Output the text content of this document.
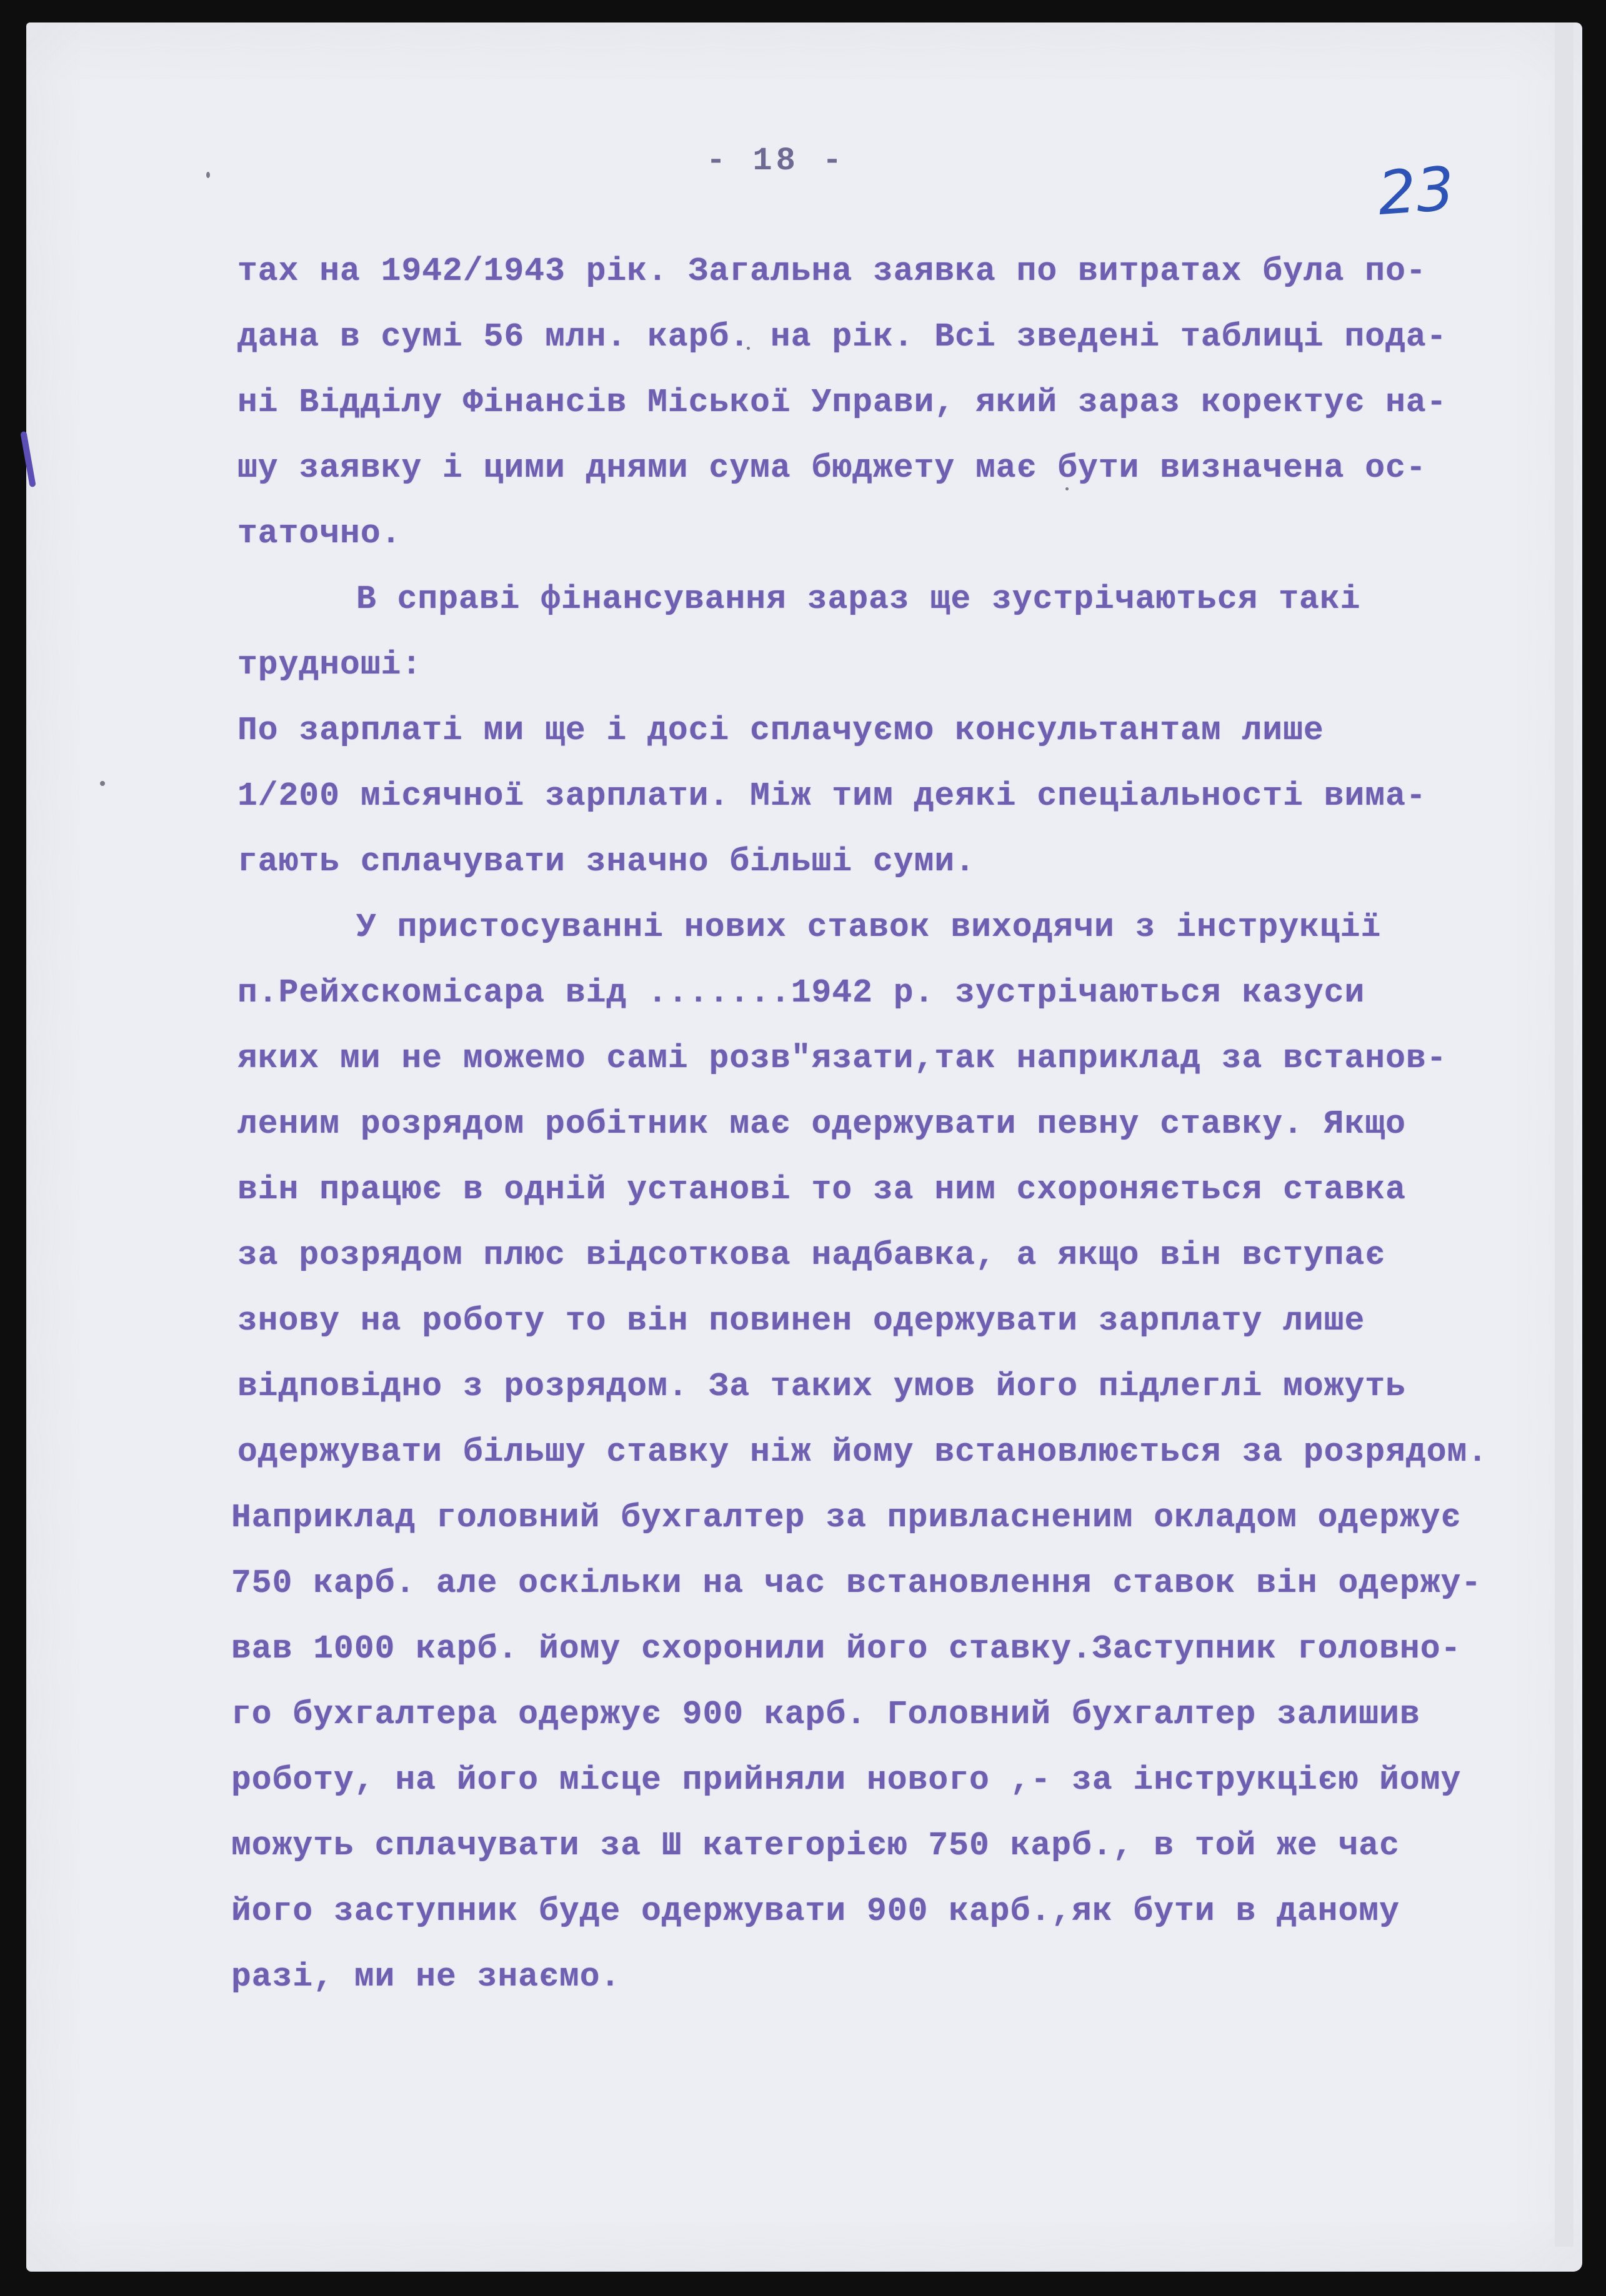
- 18 -	23
тах на 1942/1943 рік. Загальна заявка по витратах була по-
дана в сумі 56 млн. карб. на рік. Всі зведені таблиці пода-
ні Відділу Фінансів Міської Управи, який зараз коректує на-
шу заявку і цими днями сума бюджету має бути визначена ос-
таточно.
В справі фінансування зараз ще зустрічаються такі
трудноші:
По зарплаті ми ще і досі сплачуємо консультантам лише
1/200 місячної зарплати. Між тим деякі спеціальності вима-
гають сплачувати значно більші суми.
У пристосуванні нових ставок виходячи з інструкції
п.Рейхскомісара від .......1942 р. зустрічаються казуси
яких ми не можемо самі розв"язати,так наприклад за встанов-
леним розрядом робітник має одержувати певну ставку. Якщо
він працює в одній установі то за ним схороняється ставка
за розрядом плюс відсоткова надбавка, а якщо він вступає
знову на роботу то він повинен одержувати зарплату лише
відповідно з розрядом. За таких умов його підлеглі можуть
одержувати більшу ставку ніж йому встановлюється за розрядом.
Наприклад головний бухгалтер за привласненим окладом одержує
750 карб. але оскільки на час встановлення ставок він одержу-
вав 1000 карб. йому схоронили його ставку.Заступник головно-
го бухгалтера одержує 900 карб. Головний бухгалтер залишив
роботу, на його місце прийняли нового ,- за інструкцією йому
можуть сплачувати за Ш категорією 750 карб., в той же час
його заступник буде одержувати 900 карб.,як бути в даному
разі, ми не знаємо.
